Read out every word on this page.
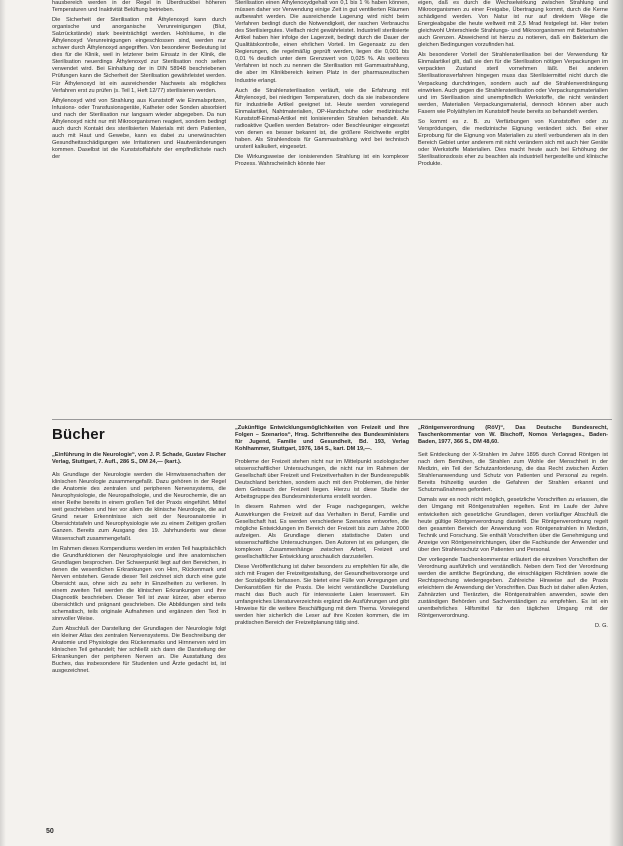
hausbereich werden in der Regel in Überdruckbei höheren Temperaturen und Inaktivität Belüftung betrieben.

Die Sicherheit der Sterilisation mit Äthylenoxyd kann durch organische und anorganische Verunreinigungen (Blut, Salzrückstände) stark beeinträchtigt werden. Hohlräume, in die Äthylenoxyd Verunreinigungen eingeschlossen sind, werden nur schwer durch Äthylenoxyd angegriffen. Von besonderer Bedeutung ist dies für die Klinik, weil in letzterer beim Einsatz in der Klinik, die Sterilisation neuerdings Äthylenoxyd zur Sterilisation noch selten verwendet wird. Bei Einhaltung der in DIN 58948 beschriebenen Prüfungen kann die Sicherheit der Sterilisation gewährleistet werden. Für Äthylenoxyd ist ein ausreichender Nachweis als mögliches Verfahren erst zu prüfen (s. Teil 1, Heft 12/77) sterilisieren werden.

Äthylenoxyd wird von Strahlung aus Kunststoff wie Einmalspritzen, Infusions- oder Transfusionsgeräte, Katheter oder Sonden absorbiert und nach der Sterilisation nur langsam wieder abgegeben. Da nun Äthylenoxyd nicht nur mit Mikroorganismen reagiert, sondern bedingt auch durch Kontakt des sterilisierten Materials mit dem Patienten, auch mit Haut und Gewebe, kann es dabei zu unerwünschten Gesundheitsschädigungen wie Irritationen und Hautveränderungen kommen. Daselbst ist die Kunststoffabfuhr der empfindlichste nach der

Sterilisation einen Äthylenoxydgehalt von 0,1 bis 1 % haben können, müssen daher vor Verwendung einige Zeit in gut ventilierten Räumen aufbewahrt werden. Die ausreichende Lagerung wird nicht beim Verfahren bedingt durch die Notwendigkeit, der raschen Verbrauchs des Sterilisiergutes. Vielfach nicht gewährleistet. Industriell sterilisierte Artikel haben hier infolge der Lagerzeit, bedingt durch die Dauer der Qualitätskontrolle, einen ehrlichen Vorteil. Im Gegensatz zu den Regierungen, die regelmäßig geprüft werden, liegen die 0,001 bis 0,01 % deutlich unter dem Grenzwert von 0,025 %. Als weiteres Verfahren ist noch zu nennen die Sterilisation mit Gammastrahlung, die aber im Klinikbereich keinen Platz in der pharmazeutischen Industrie erlangt.

Auch die Strahlensterilisation verläuft, wie die Erfahrung mit Äthylenoxyd, bei niedrigen Temperaturen, doch da sie insbesondere für industrielle Artikel geeignet ist. Heute werden vorwiegend Einmalartikel, Nahtmaterialien, OP-Handschuhe oder medizinische Kunststoff-Einmal-Artikel mit Ionisierenden Strahlen behandelt. Als radioaktive Quellen werden Betatron- oder Beschleuniger eingesetzt von denen es besser bekannt ist, die größere Reichweite ergibt haben. Als Strahlendosis für Gammastrahlung wird bei technisch unsteril kalkuliert, eingesetzt.

Die Wirkungsweise der ionisierenden Strahlung ist ein komplexer Prozess. Wahrscheinlich könnte hier

eigen, daß es durch die Wechselwirkung zwischen Strahlung und Mikroorganismen zu einer Freigabe, Übertragung kommt, durch die Kerne schädigend werden. Von Natur ist nur auf direktem Wege die Energieabgabe die heute weltweit mit 2,5 Mrad festgelegt ist. Hier treten gleichwohl Unterschiede Strahlungs- und Mikroorganismen mit Betastrahlen auch Grenzen. Abweichend ist hierzu zu notieren, daß ein Bakterium die gleichen Bedingungen vorzufinden hat.

Als besonderer Vorteil der Strahlensterilisation bei der Verwendung für Einmalartikel gilt, daß sie den für die Sterilisation nötigen Verpackungen im verpackten Zustand steril vornehmen läßt. Bei anderen Sterilisationsverfahren hingegen muss das Sterilisiermittel nicht durch die Verpackung durchdringen, sondern auch auf die Strahlenverdrängung einwirken. Auch gegen die Strahlensterilisation oder Verpackungsmaterialien und im Sterilisation sind unempfindlich Werkstoffe, die nicht verändert werden, Materialien Verpackungsmaterial, dennoch können aber auch Fasern wie Polyäthylen im Kunststoff heute bereits so behandelt werden.

So kommt es z. B. zu Verfärbungen von Kunststoffen oder zu Versprödungen, die medizinische Eignung verändert sich. Bei einer Erprobung für die Eignung von Materialien zu steril verbundenen als in den Bereich Gebiet unter anderem mit nicht verändern sich mit auch hier Geräte oder Werkstoffe Materialien. Dies macht heute auch bei Erhöhung der Sterilisationsdosis eher zu beachten als industriell hergestellte und klinische Produkte.

Bücher

„Einführung in die Neurologie“, von J. P. Schade, Gustav Fischer Verlag, Stuttgart, 7. Aufl., 286 S., DM 24,— (kart.).

Als Grundlage der Neurologie werden die Hirnwissenschaften der klinischen Neurologie zusammengefaßt. Dazu gehören in der Regel die Anatomie des zentralen und peripheren Nervensystems, die Neurophysiologie, die Neuropathologie, und die Neurochemie, die an einer Reihe bereits in einem großen Teil der Praxis eingeführt. Mittel weit geschrieben und hier vor allem die klinische Neurologie, die auf Grund neuer Erkenntnisse sich seit der Neuroanatomie in Übersichtstafeln und Neurophysiologie wie zu einem Zeitigen großen Ganzen. Bereits zum Ausgang des 19. Jahrhunderts war diese Wissenschaft zusammengefaßt.

Im Rahmen dieses Kompendiums werden im ersten Teil hauptsächlich die Grundfunktionen der Neurophysiologie und ihre anatomischen Grundlagen besprochen. Der Schwerpunkt liegt auf den Bereichen, in denen die wesentlichen Erkrankungen von Hirn, Rückenmark und Nerven entstehen. Gerade dieser Teil zeichnet sich durch eine gute Übersicht aus, ohne sich zu sehr in Einzelheiten zu verlieren. In einem zweiten Teil werden die klinischen Erkrankungen und ihre Diagnostik beschrieben. Dieser Teil ist zwar kürzer, aber ebenso übersichtlich und prägnant geschrieben. Die Abbildungen sind teils schematisch, teils originale Aufnahmen und ergänzen den Text in sinnvoller Weise.

Zum Abschluß der Darstellung der Grundlagen der Neurologie folgt ein kleiner Atlas des zentralen Nervensystems. Die Beschreibung der Anatomie und Physiologie des Rückenmarks und Hirnnerven wird im klinischen Teil gehandelt; hier schließt sich dann die Darstellung der Erkrankungen der peripheren Nerven an. Die Ausstattung des Buches, das insbesondere für Studenten und Ärzte gedacht ist, ist ausgezeichnet.

„Zukünftige Entwicklungsmöglichkeiten von Freizeit und ihre Folgen – Szenarios“, Hrsg. Schriftenreihe des Bundesministers für Jugend, Familie und Gesundheit, Bd. 193, Verlag Kohlhammer, Stuttgart, 1976, 184 S., kart. DM 19,—.

Probleme der Freizeit stehen nicht nur im Mittelpunkt soziologischer wissenschaftlicher Untersuchungen, die nicht nur im Rahmen der Gesellschaft über Freizeit und Freizeitverhalten in der Bundesrepublik Deutschland berichten, sondern auch mit den Problemen, die hinter dem Gebrauch der Freizeit liegen. Hierzu ist diese Studie der Arbeitsgruppe des Bundesministeriums erstellt worden.

In diesem Rahmen wird der Frage nachgegangen, welche Auswirkungen die Freizeit auf das Verhalten in Beruf, Familie und Gesellschaft hat. Es werden verschiedene Szenarios entworfen, die mögliche Entwicklungen im Bereich der Freizeit bis zum Jahre 2000 aufzeigen. Als Grundlage dienen statistische Daten und wissenschaftliche Untersuchungen. Den Autoren ist es gelungen, die komplexen Zusammenhänge zwischen Arbeit, Freizeit und gesellschaftlicher Entwicklung anschaulich darzustellen.

Diese Veröffentlichung ist daher besonders zu empfehlen für alle, die sich mit Fragen der Freizeitgestaltung, der Gesundheitsvorsorge und der Sozialpolitik befassen. Sie bietet eine Fülle von Anregungen und Denkanstößen für die Praxis. Die leicht verständliche Darstellung macht das Buch auch für interessierte Laien lesenswert. Ein umfangreiches Literaturverzeichnis ergänzt die Ausführungen und gibt Hinweise für die weitere Beschäftigung mit dem Thema. Vorwiegend werden hier sicherlich die Leser auf ihre Kosten kommen, die im praktischen Bereich der Freizeitplanung tätig sind.

„Röntgenverordnung (RöV)“, Das Deutsche Bundesrecht, Taschenkommentar von W. Bischoff, Nomos Verlagsges., Baden-Baden, 1977, 366 S., DM 48,60.

Seit Entdeckung der X-Strahlen im Jahre 1895 durch Conrad Röntgen ist nach dem Bemühen, die Strahlen zum Wohle der Menschheit in der Medizin, ein Teil der Schutzanforderung, die das Recht zwischen Ärzten Strahlenanwendung und Schutz von Patienten und Personal zu regeln. Bereits frühzeitig wurden die Gefahren der Strahlen erkannt und Schutzmaßnahmen gefordert.

Damals war es noch nicht möglich, gesetzliche Vorschriften zu erlassen, die den Umgang mit Röntgenstrahlen regelten. Erst im Laufe der Jahre entwickelten sich gesetzliche Grundlagen, deren vorläufiger Abschluß die heute gültige Röntgenverordnung darstellt. Die Röntgenverordnung regelt den gesamten Bereich der Anwendung von Röntgenstrahlen in Medizin, Technik und Forschung. Sie enthält Vorschriften über die Genehmigung und Anzeige von Röntgeneinrichtungen, über die Fachkunde der Anwender und über den Strahlenschutz von Patienten und Personal.

Der vorliegende Taschenkommentar erläutert die einzelnen Vorschriften der Verordnung ausführlich und verständlich. Neben dem Text der Verordnung werden die amtliche Begründung, die einschlägigen Richtlinien sowie die Rechtsprechung wiedergegeben. Zahlreiche Hinweise auf die Praxis erleichtern die Anwendung der Vorschriften. Das Buch ist daher allen Ärzten, Zahnärzten und Tierärzten, die Röntgenstrahlen anwenden, sowie den zuständigen Behörden und Sachverständigen zu empfehlen. Es ist ein unentbehrliches Hilfsmittel für den täglichen Umgang mit der Röntgenverordnung.

D. G.

50
